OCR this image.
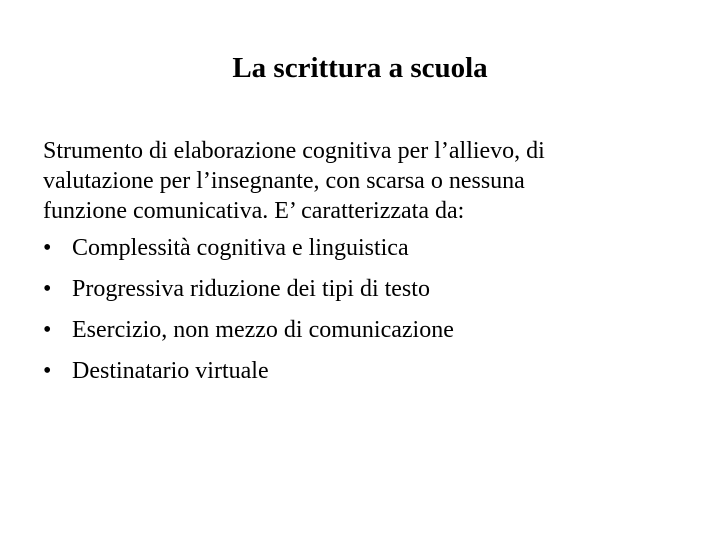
La scrittura a scuola

Strumento di elaborazione cognitiva per l’allievo, di
valutazione per l’insegnante, con scarsa o nessuna
funzione comunicativa. E’ caratterizzata da:

• Complessità cognitiva e linguistica
• Progressiva riduzione dei tipi di testo
• Esercizio, non mezzo di comunicazione
• Destinatario virtuale
